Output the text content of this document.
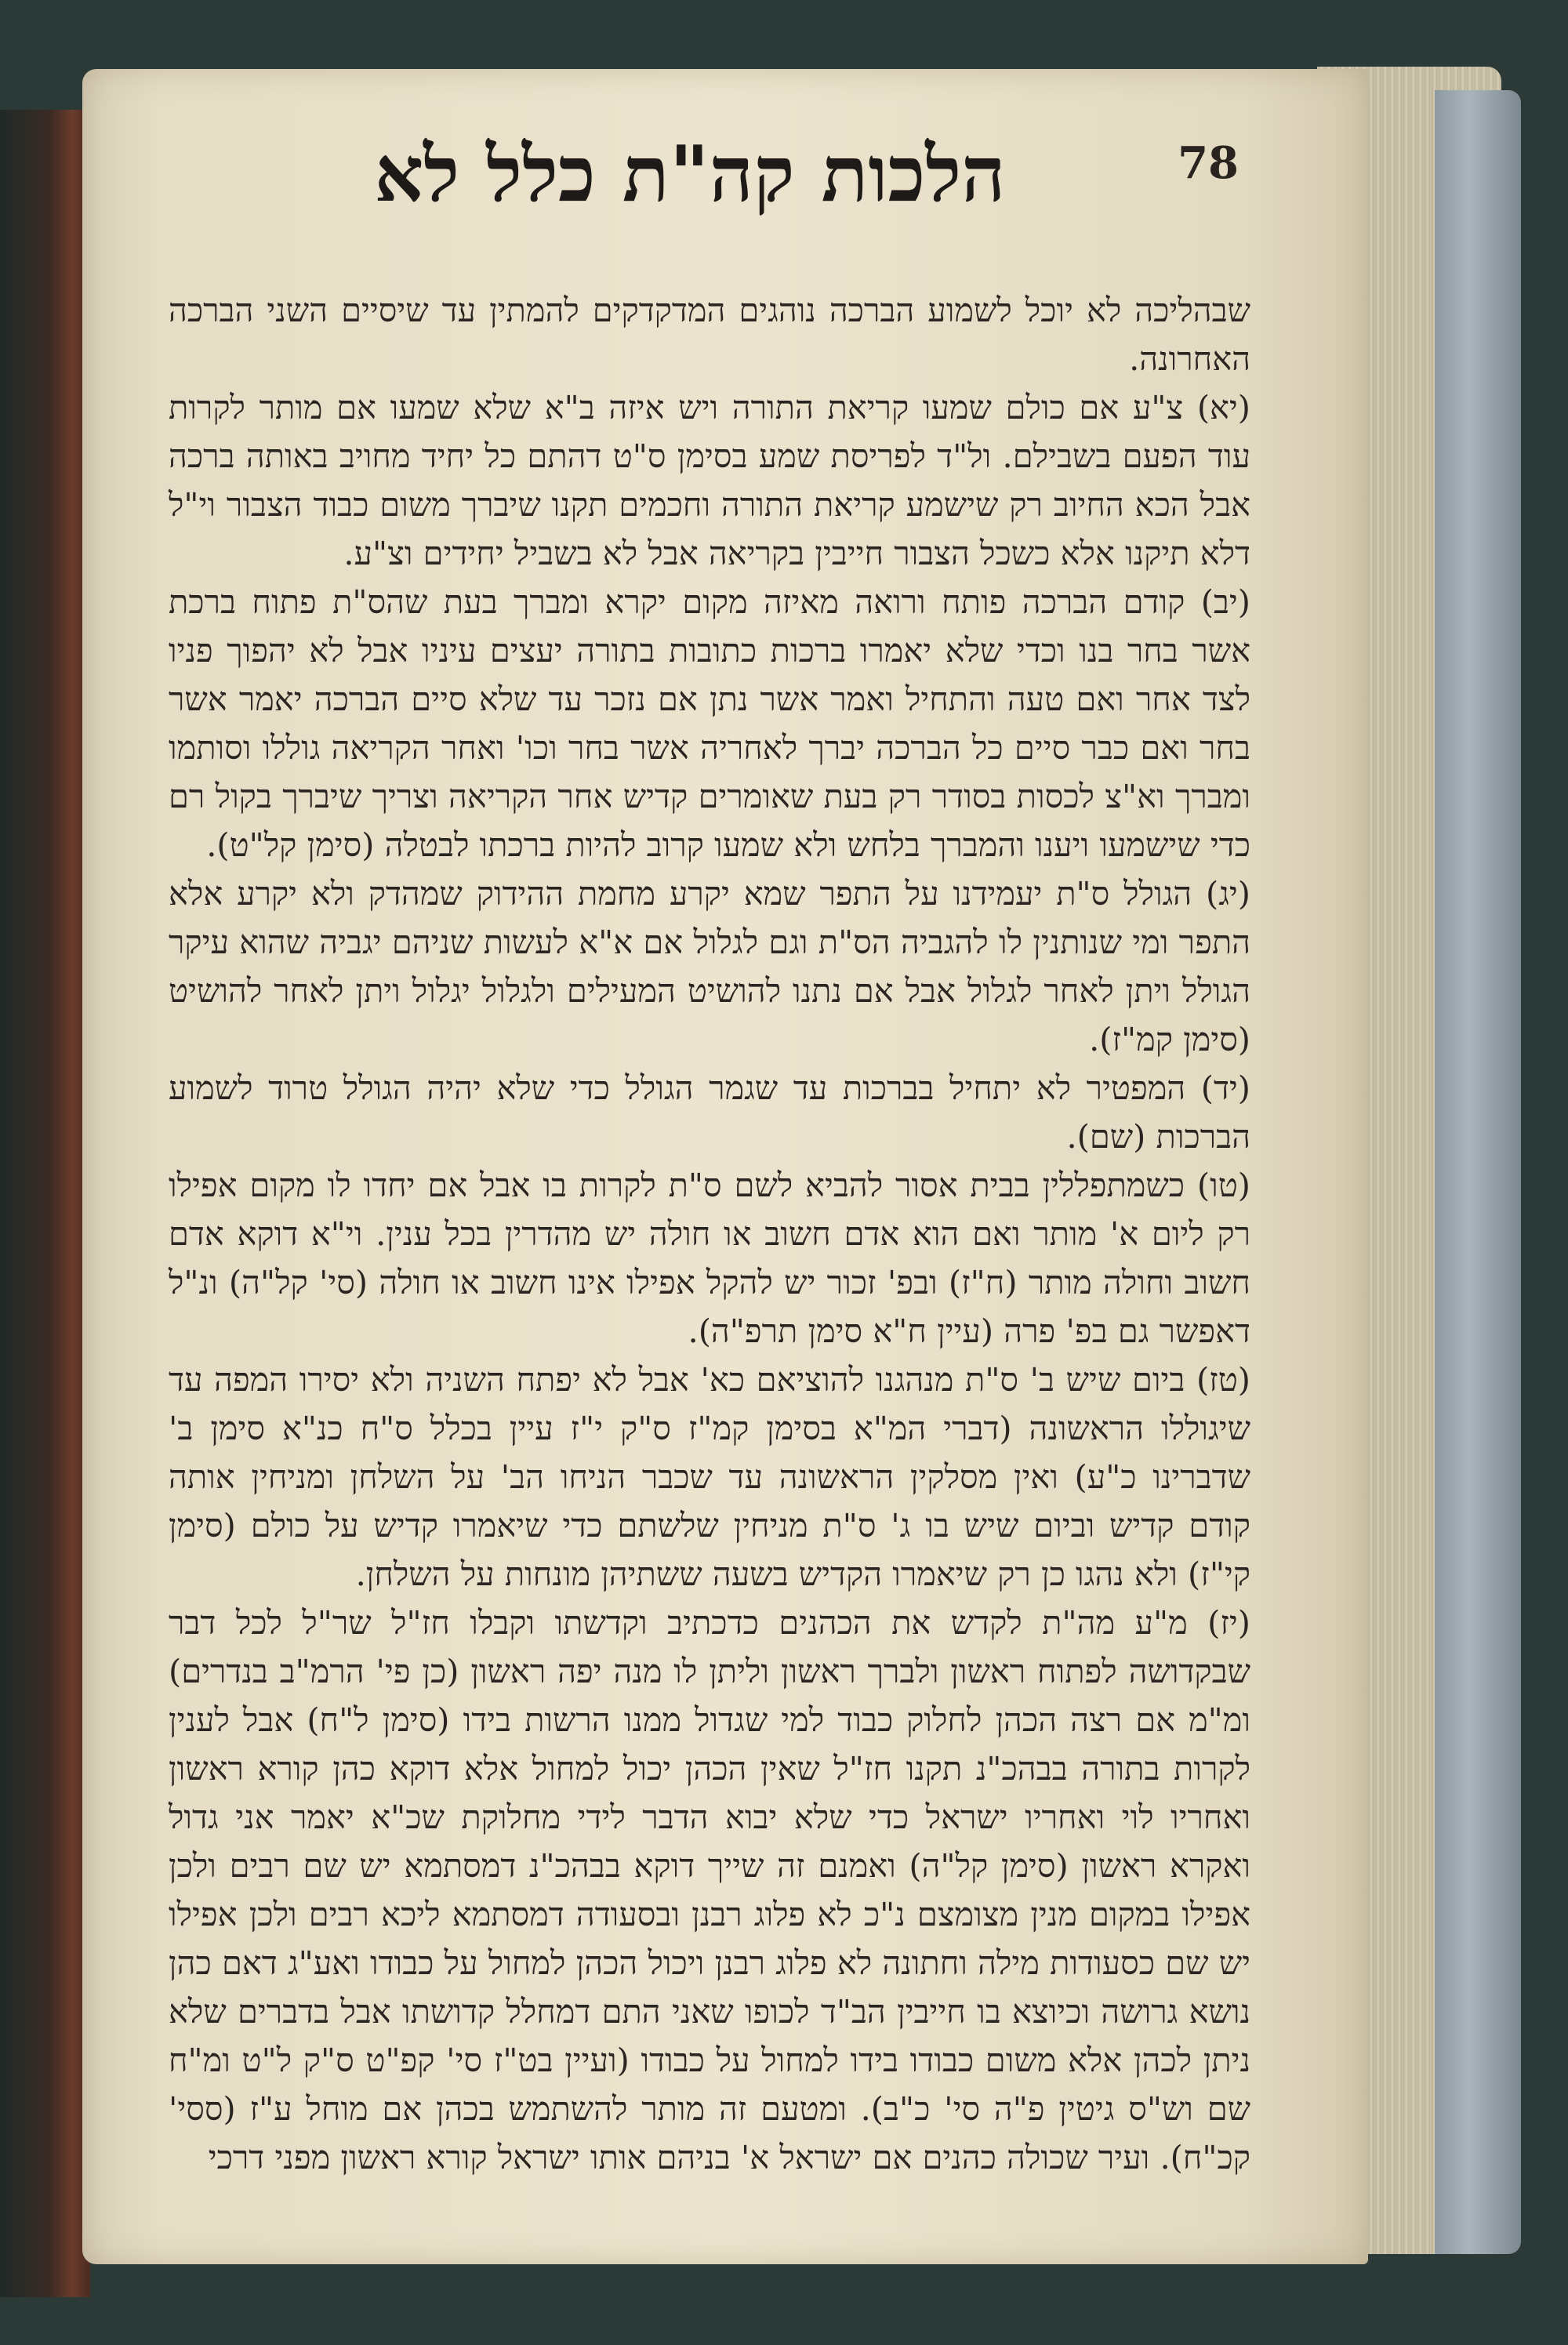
הלכות קה"ת כלל לא	78

שבהליכה לא יוכל לשמוע הברכה נוהגים המדקדקים להמתין עד שיסיים השני הברכה האחרונה.

(יא) צ"ע אם כולם שמעו קריאת התורה ויש איזה ב"א שלא שמעו אם מותר לקרות עוד הפעם בשבילם. ול"ד לפריסת שמע בסימן ס"ט דהתם כל יחיד מחויב באותה ברכה אבל הכא החיוב רק שישמע קריאת התורה וחכמים תקנו שיברך משום כבוד הצבור וי"ל דלא תיקנו אלא כשכל הצבור חייבין בקריאה אבל לא בשביל יחידים וצ"ע.

(יב) קודם הברכה פותח ורואה מאיזה מקום יקרא ומברך בעת שהס"ת פתוח ברכת אשר בחר בנו וכדי שלא יאמרו ברכות כתובות בתורה יעצים עיניו אבל לא יהפוך פניו לצד אחר ואם טעה והתחיל ואמר אשר נתן אם נזכר עד שלא סיים הברכה יאמר אשר בחר ואם כבר סיים כל הברכה יברך לאחריה אשר בחר וכו' ואחר הקריאה גוללו וסותמו ומברך וא"צ לכסות בסודר רק בעת שאומרים קדיש אחר הקריאה וצריך שיברך בקול רם כדי שישמעו ויענו והמברך בלחש ולא שמעו קרוב להיות ברכתו לבטלה (סימן קל"ט).

(יג) הגולל ס"ת יעמידנו על התפר שמא יקרע מחמת ההידוק שמהדק ולא יקרע אלא התפר ומי שנותנין לו להגביה הס"ת וגם לגלול אם א"א לעשות שניהם יגביה שהוא עיקר הגולל ויתן לאחר לגלול אבל אם נתנו להושיט המעילים ולגלול יגלול ויתן לאחר להושיט (סימן קמ"ז).

(יד) המפטיר לא יתחיל בברכות עד שגמר הגולל כדי שלא יהיה הגולל טרוד לשמוע הברכות (שם).

(טו) כשמתפללין בבית אסור להביא לשם ס"ת לקרות בו אבל אם יחדו לו מקום אפילו רק ליום א' מותר ואם הוא אדם חשוב או חולה יש מהדרין בכל ענין. וי"א דוקא אדם חשוב וחולה מותר (ח"ז) ובפ' זכור יש להקל אפילו אינו חשוב או חולה (סי' קל"ה) ונ"ל דאפשר גם בפ' פרה (עיין ח"א סימן תרפ"ה).

(טז) ביום שיש ב' ס"ת מנהגנו להוציאם כא' אבל לא יפתח השניה ולא יסירו המפה עד שיגוללו הראשונה (דברי המ"א בסימן קמ"ז ס"ק י"ז עיין בכלל ס"ח כנ"א סימן ב' שדברינו כ"ע) ואין מסלקין הראשונה עד שכבר הניחו הב' על השלחן ומניחין אותה קודם קדיש וביום שיש בו ג' ס"ת מניחין שלשתם כדי שיאמרו קדיש על כולם (סימן קי"ז) ולא נהגו כן רק שיאמרו הקדיש בשעה ששתיהן מונחות על השלחן.

(יז) מ"ע מה"ת לקדש את הכהנים כדכתיב וקדשתו וקבלו חז"ל שר"ל לכל דבר שבקדושה לפתוח ראשון ולברך ראשון וליתן לו מנה יפה ראשון (כן פי' הרמ"ב בנדרים) ומ"מ אם רצה הכהן לחלוק כבוד למי שגדול ממנו הרשות בידו (סימן ל"ח) אבל לענין לקרות בתורה בבהכ"נ תקנו חז"ל שאין הכהן יכול למחול אלא דוקא כהן קורא ראשון ואחריו לוי ואחריו ישראל כדי שלא יבוא הדבר לידי מחלוקת שכ"א יאמר אני גדול ואקרא ראשון (סימן קל"ה) ואמנם זה שייך דוקא בבהכ"נ דמסתמא יש שם רבים ולכן אפילו במקום מנין מצומצם נ"כ לא פלוג רבנן ובסעודה דמסתמא ליכא רבים ולכן אפילו יש שם כסעודות מילה וחתונה לא פלוג רבנן ויכול הכהן למחול על כבודו ואע"ג דאם כהן נושא גרושה וכיוצא בו חייבין הב"ד לכופו שאני התם דמחלל קדושתו אבל בדברים שלא ניתן לכהן אלא משום כבודו בידו למחול על כבודו (ועיין בט"ז סי' קפ"ט ס"ק ל"ט ומ"ח שם וש"ס גיטין פ"ה סי' כ"ב). ומטעם זה מותר להשתמש בכהן אם מוחל ע"ז (ססי' קכ"ח). ועיר שכולה כהנים אם ישראל א' בניהם אותו ישראל קורא ראשון מפני דרכי
